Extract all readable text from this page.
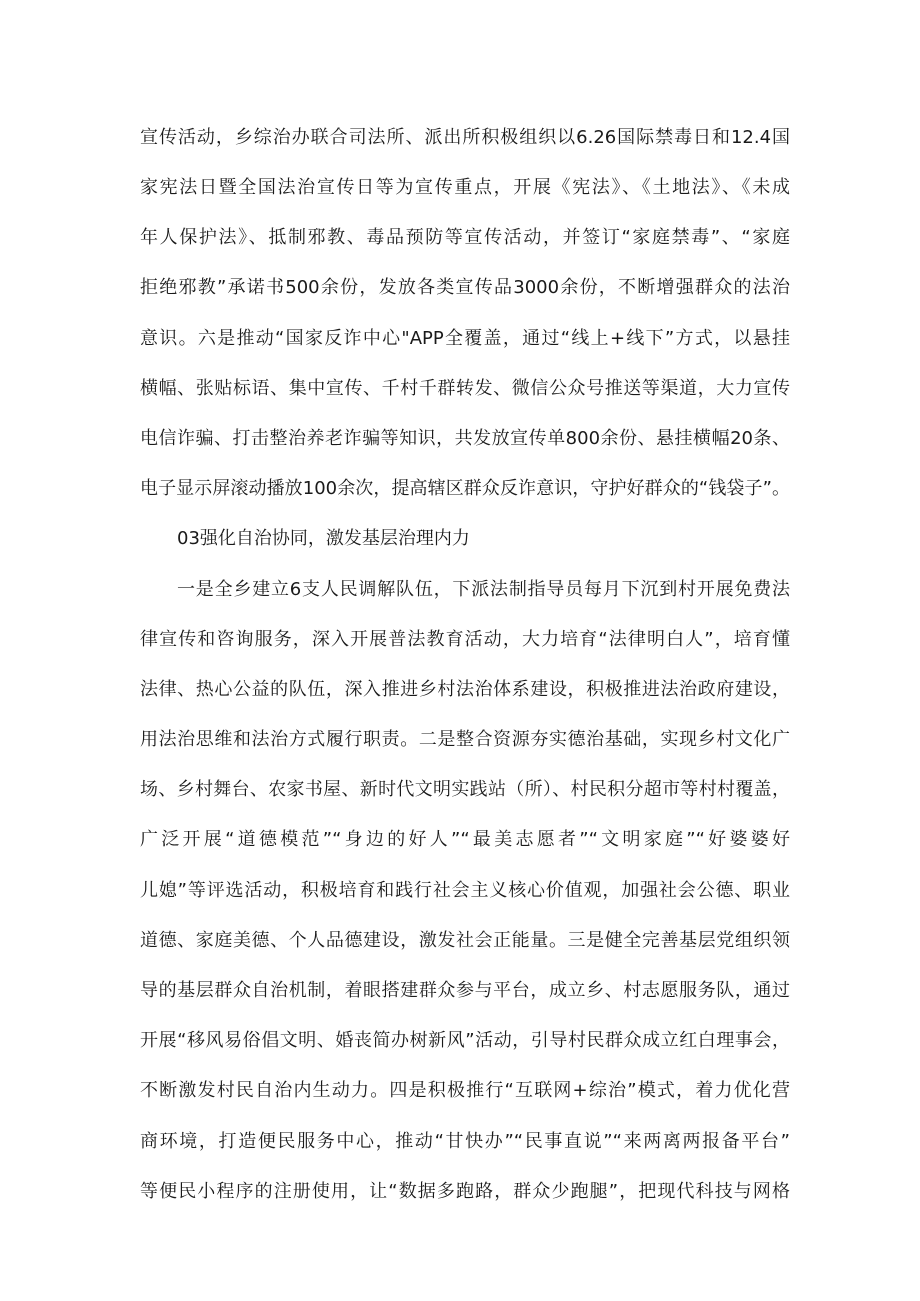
宣传活动，乡综治办联合司法所、派出所积极组织以6.26国际禁毒日和12.4国
家宪法日暨全国法治宣传日等为宣传重点，开展《宪法》、《土地法》、《未成
年人保护法》、抵制邪教、毒品预防等宣传活动，并签订“家庭禁毒”、“家庭
拒绝邪教”承诺书500余份，发放各类宣传品3000余份，不断增强群众的法治
意识。六是推动“国家反诈中心"APP全覆盖，通过“线上+线下”方式，以悬挂
横幅、张贴标语、集中宣传、千村千群转发、微信公众号推送等渠道，大力宣传
电信诈骗、打击整治养老诈骗等知识，共发放宣传单800余份、悬挂横幅20条、
电子显示屏滚动播放100余次，提高辖区群众反诈意识，守护好群众的“钱袋子”。
03强化自治协同，激发基层治理内力
一是全乡建立6支人民调解队伍，下派法制指导员每月下沉到村开展免费法
律宣传和咨询服务，深入开展普法教育活动，大力培育“法律明白人”，培育懂
法律、热心公益的队伍，深入推进乡村法治体系建设，积极推进法治政府建设，
用法治思维和法治方式履行职责。二是整合资源夯实德治基础，实现乡村文化广
场、乡村舞台、农家书屋、新时代文明实践站（所）、村民积分超市等村村覆盖，
广泛开展“道德模范”“身边的好人”“最美志愿者”“文明家庭”“好婆婆好
儿媳”等评选活动，积极培育和践行社会主义核心价值观，加强社会公德、职业
道德、家庭美德、个人品德建设，激发社会正能量。三是健全完善基层党组织领
导的基层群众自治机制，着眼搭建群众参与平台，成立乡、村志愿服务队，通过
开展“移风易俗倡文明、婚丧简办树新风”活动，引导村民群众成立红白理事会，
不断激发村民自治内生动力。四是积极推行“互联网+综治”模式，着力优化营
商环境，打造便民服务中心，推动“甘快办”“民事直说”“来两离两报备平台”
等便民小程序的注册使用，让“数据多跑路，群众少跑腿”，把现代科技与网格
